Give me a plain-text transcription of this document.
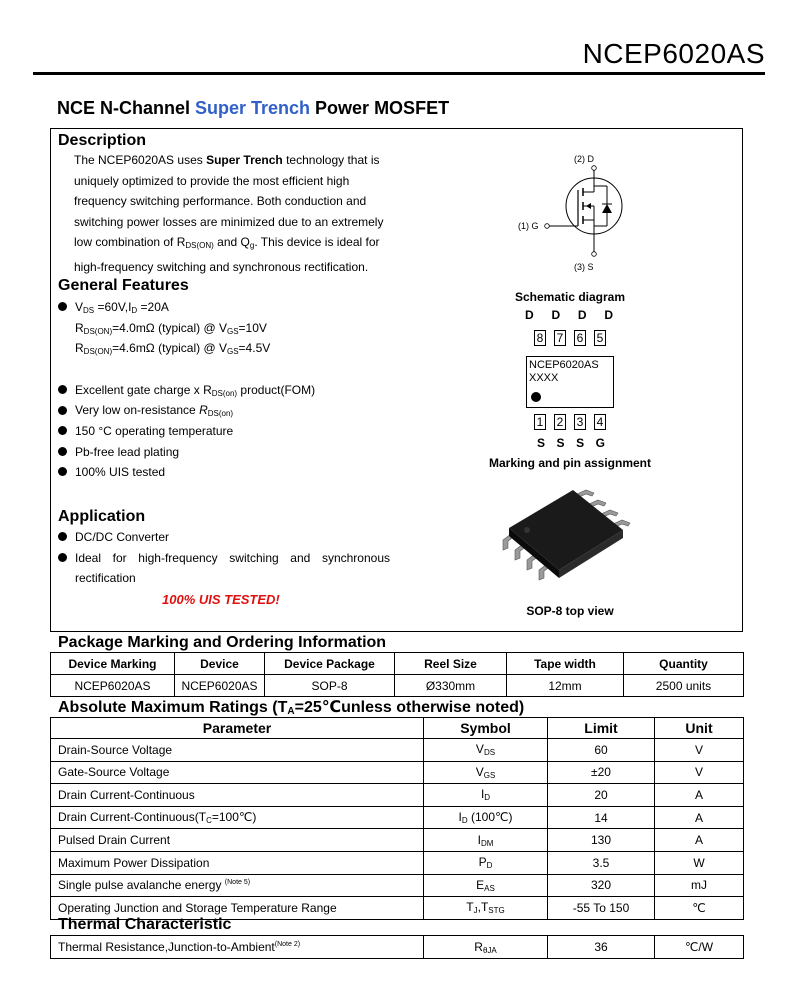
NCEP6020AS
NCE N-Channel Super Trench Power MOSFET
Description
The NCEP6020AS uses Super Trench technology that is
uniquely optimized to provide the most efficient high
frequency switching performance. Both conduction and
switching power losses are minimized due to an extremely
low combination of $R_{DS(ON)}$ and $Q_g$. This device is ideal for
high-frequency switching and synchronous rectification.
General Features
$V_{DS} =60V,I_D =20A$
$R_{DS(ON)}=4.0m\Omega$ (typical) @ $V_{GS}=10V$
$R_{DS(ON)}=4.6m\Omega$ (typical) @ $V_{GS}=4.5V$
Excellent gate charge x $R_{DS(on)}$ product(FOM)
Very low on-resistance $R_{DS(on)}$
150 °C operating temperature
Pb-free lead plating
100% UIS tested
Application
DC/DC Converter
Ideal for high-frequency switching and synchronous
rectification
100% UIS TESTED!
(2) D
(1) G
(3) S
Schematic diagram
D D D D
8 7 6 5
NCEP6020AS
XXXX
1 2 3 4
S S S G
Marking and pin assignment
SOP-8 top view
Package Marking and Ordering Information
Device Marking	Device	Device Package	Reel Size	Tape width	Quantity
NCEP6020AS	NCEP6020AS	SOP-8	Ø330mm	12mm	2500 units
Absolute Maximum Ratings ($T_A=25℃unless$ otherwise noted)
Parameter	Symbol	Limit	Unit
Drain-Source Voltage	$V_{DS}$	60	V
Gate-Source Voltage	$V_{GS}$	±20	V
Drain Current-Continuous	$I_D$	20	A
Drain Current-$Continuous(T_C=100℃)$	$I_D$ (100℃)	14	A
Pulsed Drain Current	$I_{DM}$	130	A
Maximum Power Dissipation	$P_D$	3.5	W
Single pulse avalanche energy $^{(Note 5)}$	$E_{AS}$	320	mJ
Operating Junction and Storage Temperature Range	$T_J,T_{STG}$	-55 To 150	℃
Thermal Characteristic
Thermal Resistance,Junction-to-Ambient$^{(Note 2)}$	$R_{\theta JA}$	36	℃/W
